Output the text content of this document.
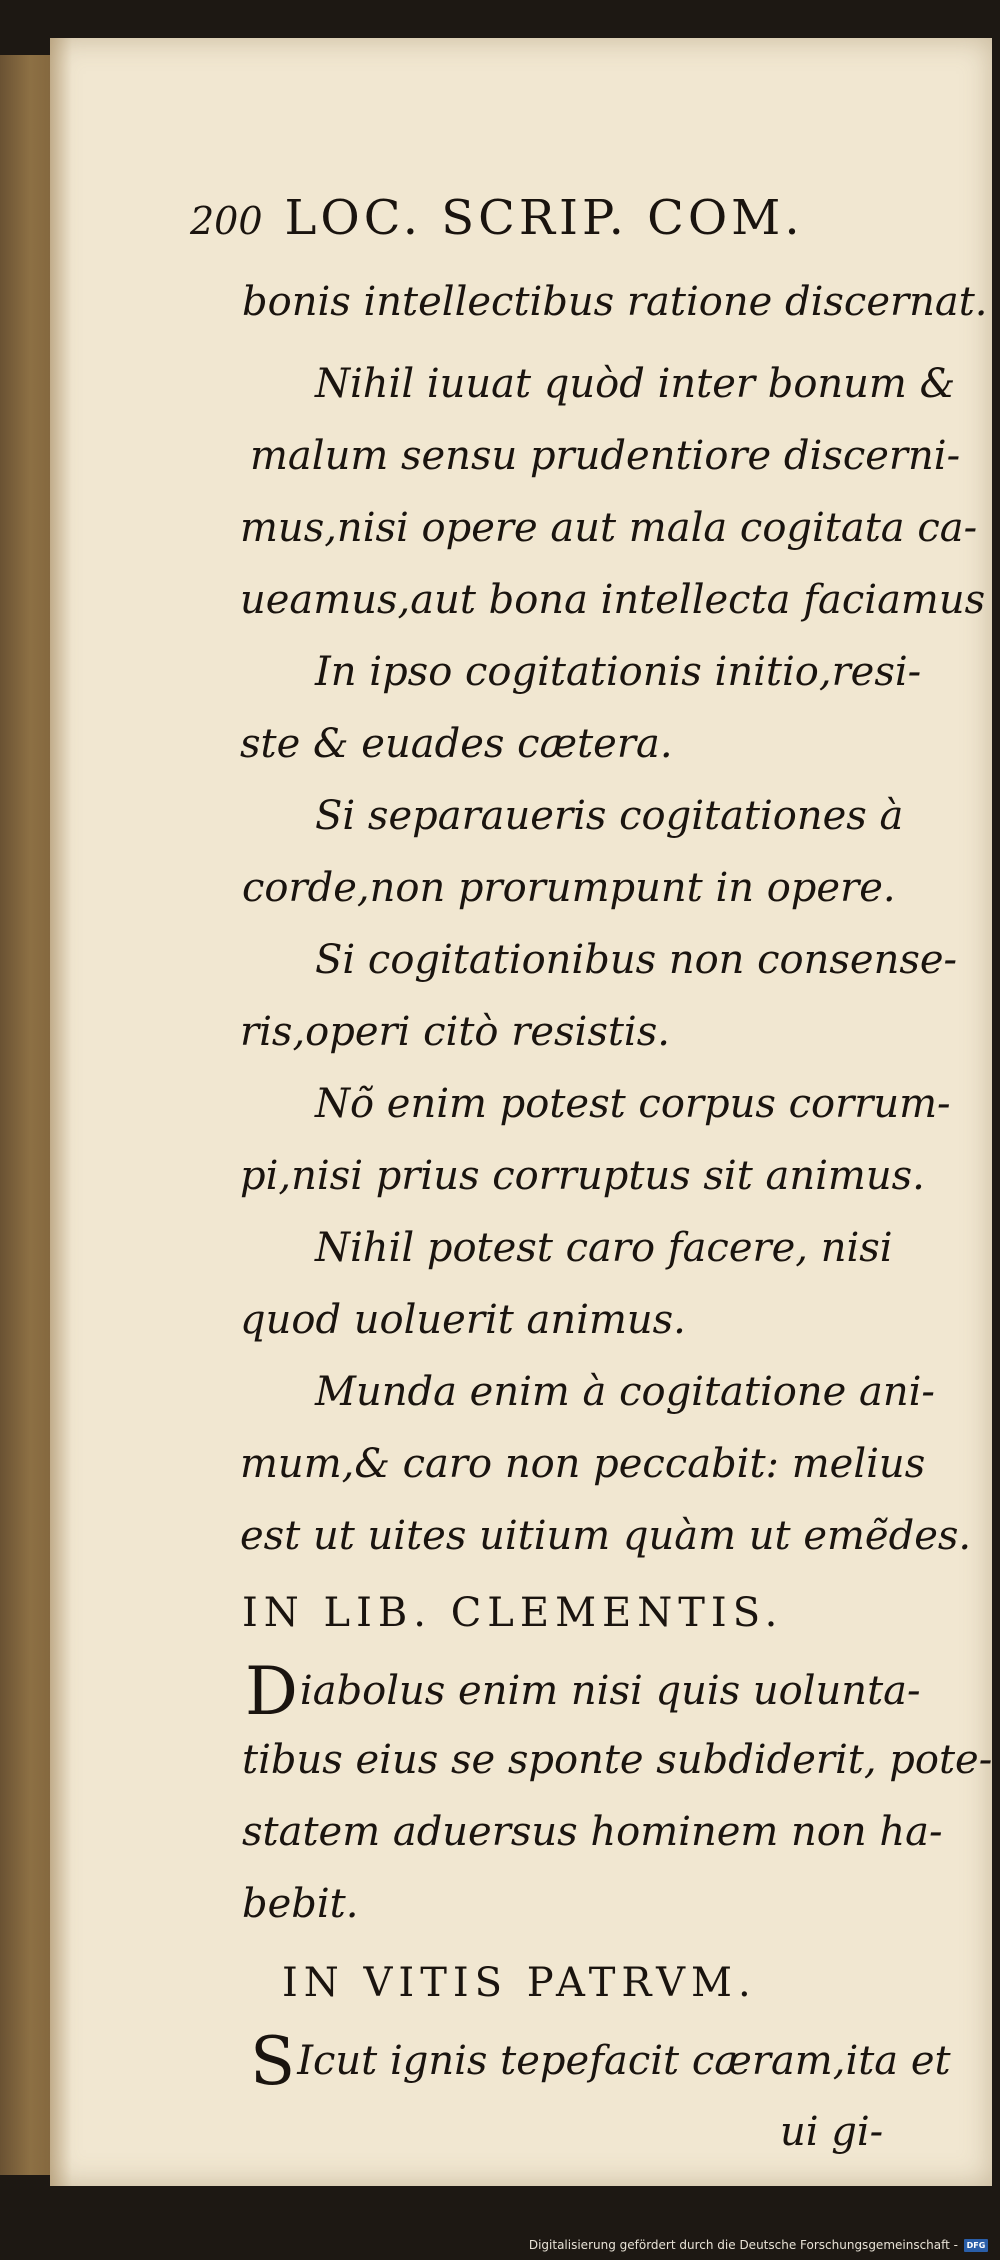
200 LOC. SCRIP. COM.
bonis intellectibus ratione discernat.
Nihil iuuat quòd inter bonum &
malum sensu prudentiore discerni-
mus,nisi opere aut mala cogitata ca-
ueamus,aut bona intellecta faciamus
In ipso cogitationis initio,resi-
ste & euades cætera.
Si separaueris cogitationes à
corde,non prorumpunt in opere.
Si cogitationibus non consense-
ris,operi citò resistis.
Nõ enim potest corpus corrum-
pi,nisi prius corruptus sit animus.
Nihil potest caro facere, nisi
quod uoluerit animus.
Munda enim à cogitatione ani-
mum,& caro non peccabit: melius
est ut uites uitium quàm ut emẽdes.
IN LIB. CLEMENTIS.
Diabolus enim nisi quis uolunta-
tibus eius se sponte subdiderit, pote-
statem aduersus hominem non ha-
bebit.
IN VITIS PATRVM.
SIcut ignis tepefacit cæram,ita et
ui gi-
Digitalisierung gefördert durch die Deutsche Forschungsgemeinschaft -	DFG
